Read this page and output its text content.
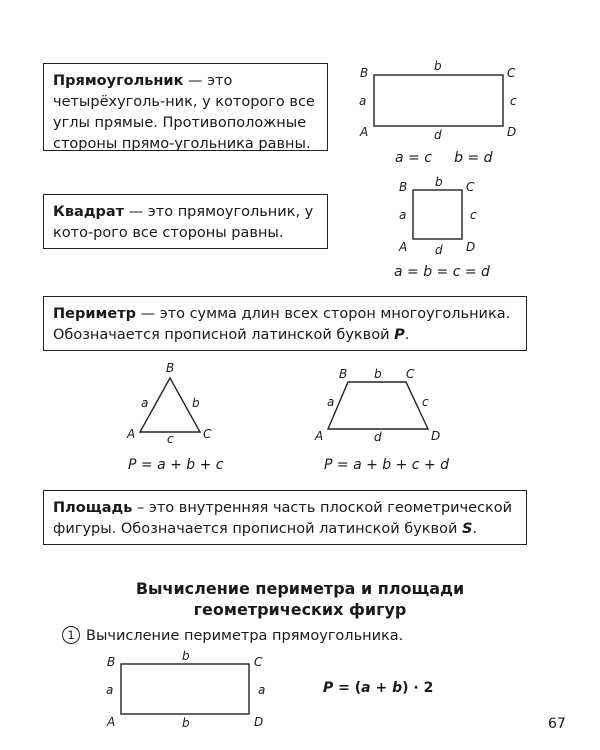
Прямоугольник — это четырёхуголь-ник, у которого все углы прямые. Противоположные стороны прямо-угольника равны.
Квадрат — это прямоугольник, у кото-рого все стороны равны.
Периметр — это сумма длин всех сторон многоугольника. Обозначается прописной латинской буквой P.
Площадь – это внутренняя часть плоской геометрической фигуры. Обозначается прописной латинской буквой S.
B	C
A	D
b
a	c
d
a = c     b = d
B	C
A	D
b
a	c
d
a = b = c = d
B
A	C
a	b
c
P = a + b + c
B	C
A	D
b
a	c
d
P = a + b + c + d
B	C
A	D
b
a	a
b
P = (a + b) · 2
Вычисление периметра и площади
геометрических фигур
1 Вычисление периметра прямоугольника.
67
